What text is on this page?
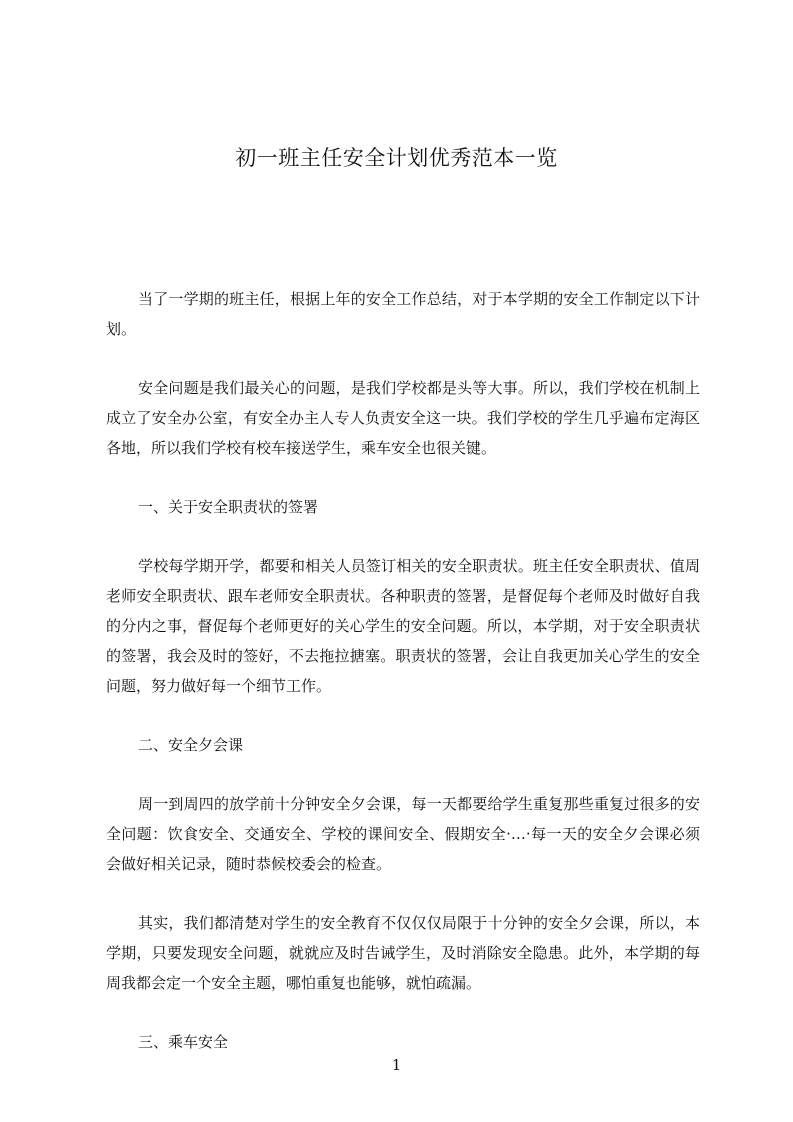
初一班主任安全计划优秀范本一览

当了一学期的班主任，根据上年的安全工作总结，对于本学期的安全工作制定以下计划。

安全问题是我们最关心的问题，是我们学校都是头等大事。所以，我们学校在机制上成立了安全办公室，有安全办主人专人负责安全这一块。我们学校的学生几乎遍布定海区各地，所以我们学校有校车接送学生，乘车安全也很关键。

一、关于安全职责状的签署

学校每学期开学，都要和相关人员签订相关的安全职责状。班主任安全职责状、值周老师安全职责状、跟车老师安全职责状。各种职责的签署，是督促每个老师及时做好自我的分内之事，督促每个老师更好的关心学生的安全问题。所以，本学期，对于安全职责状的签署，我会及时的签好，不去拖拉搪塞。职责状的签署，会让自我更加关心学生的安全问题，努力做好每一个细节工作。

二、安全夕会课

周一到周四的放学前十分钟安全夕会课，每一天都要给学生重复那些重复过很多的安全问题：饮食安全、交通安全、学校的课间安全、假期安全·…·每一天的安全夕会课必须会做好相关记录，随时恭候校委会的检查。

其实，我们都清楚对学生的安全教育不仅仅仅局限于十分钟的安全夕会课，所以，本学期，只要发现安全问题，就就应及时告诫学生，及时消除安全隐患。此外，本学期的每周我都会定一个安全主题，哪怕重复也能够，就怕疏漏。

三、乘车安全

1
